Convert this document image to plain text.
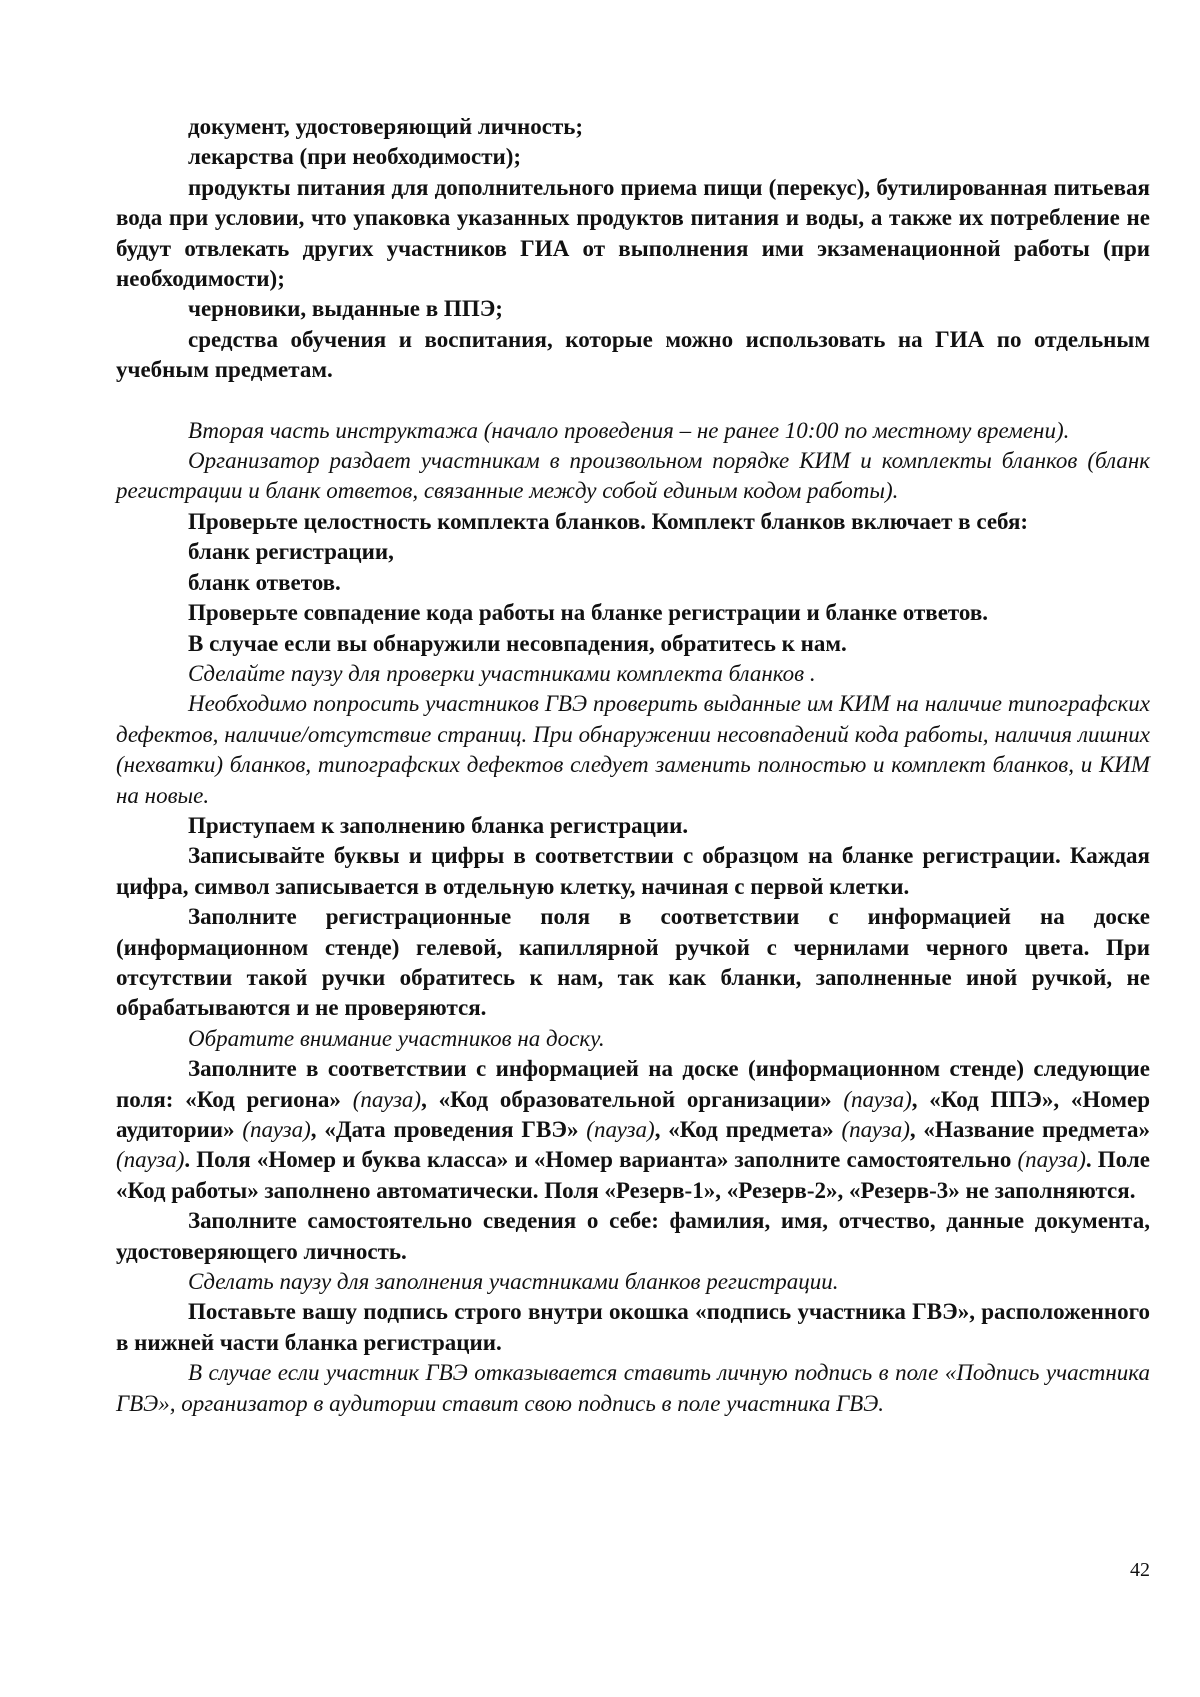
документ, удостоверяющий личность;

лекарства (при необходимости);

продукты питания для дополнительного приема пищи (перекус), бутилированная питьевая вода при условии, что упаковка указанных продуктов питания и воды, а также их потребление не будут отвлекать других участников ГИА от выполнения ими экзаменационной работы (при необходимости);

черновики, выданные в ППЭ;

средства обучения и воспитания, которые можно использовать на ГИА по отдельным учебным предметам.

Вторая часть инструктажа (начало проведения – не ранее 10:00 по местному времени).

Организатор раздает участникам в произвольном порядке КИМ и комплекты бланков (бланк регистрации и бланк ответов, связанные между собой единым кодом работы).

Проверьте целостность комплекта бланков. Комплект бланков включает в себя:

бланк регистрации,

бланк ответов.

Проверьте совпадение кода работы на бланке регистрации и бланке ответов.

В случае если вы обнаружили несовпадения, обратитесь к нам.

Сделайте паузу для проверки участниками комплекта бланков .

Необходимо попросить участников ГВЭ проверить выданные им КИМ на наличие типографских дефектов, наличие/отсутствие страниц. При обнаружении несовпадений кода работы, наличия лишних (нехватки) бланков, типографских дефектов следует заменить полностью и комплект бланков, и КИМ на новые.

Приступаем к заполнению бланка регистрации.

Записывайте буквы и цифры в соответствии с образцом на бланке регистрации. Каждая цифра, символ записывается в отдельную клетку, начиная с первой клетки.

Заполните регистрационные поля в соответствии с информацией на доске (информационном стенде) гелевой, капиллярной ручкой с чернилами черного цвета. При отсутствии такой ручки обратитесь к нам, так как бланки, заполненные иной ручкой, не обрабатываются и не проверяются.

Обратите внимание участников на доску.

Заполните в соответствии с информацией на доске (информационном стенде) следующие поля: «Код региона» (пауза), «Код образовательной организации» (пауза), «Код ППЭ», «Номер аудитории» (пауза), «Дата проведения ГВЭ» (пауза), «Код предмета» (пауза), «Название предмета» (пауза). Поля «Номер и буква класса» и «Номер варианта» заполните самостоятельно (пауза). Поле «Код работы» заполнено автоматически. Поля «Резерв-1», «Резерв-2», «Резерв-3» не заполняются.

Заполните самостоятельно сведения о себе: фамилия, имя, отчество, данные документа, удостоверяющего личность.

Сделать паузу для заполнения участниками бланков регистрации.

Поставьте вашу подпись строго внутри окошка «подпись участника ГВЭ», расположенного в нижней части бланка регистрации.

В случае если участник ГВЭ отказывается ставить личную подпись в поле «Подпись участника ГВЭ», организатор в аудитории ставит свою подпись в поле участника ГВЭ.

42
